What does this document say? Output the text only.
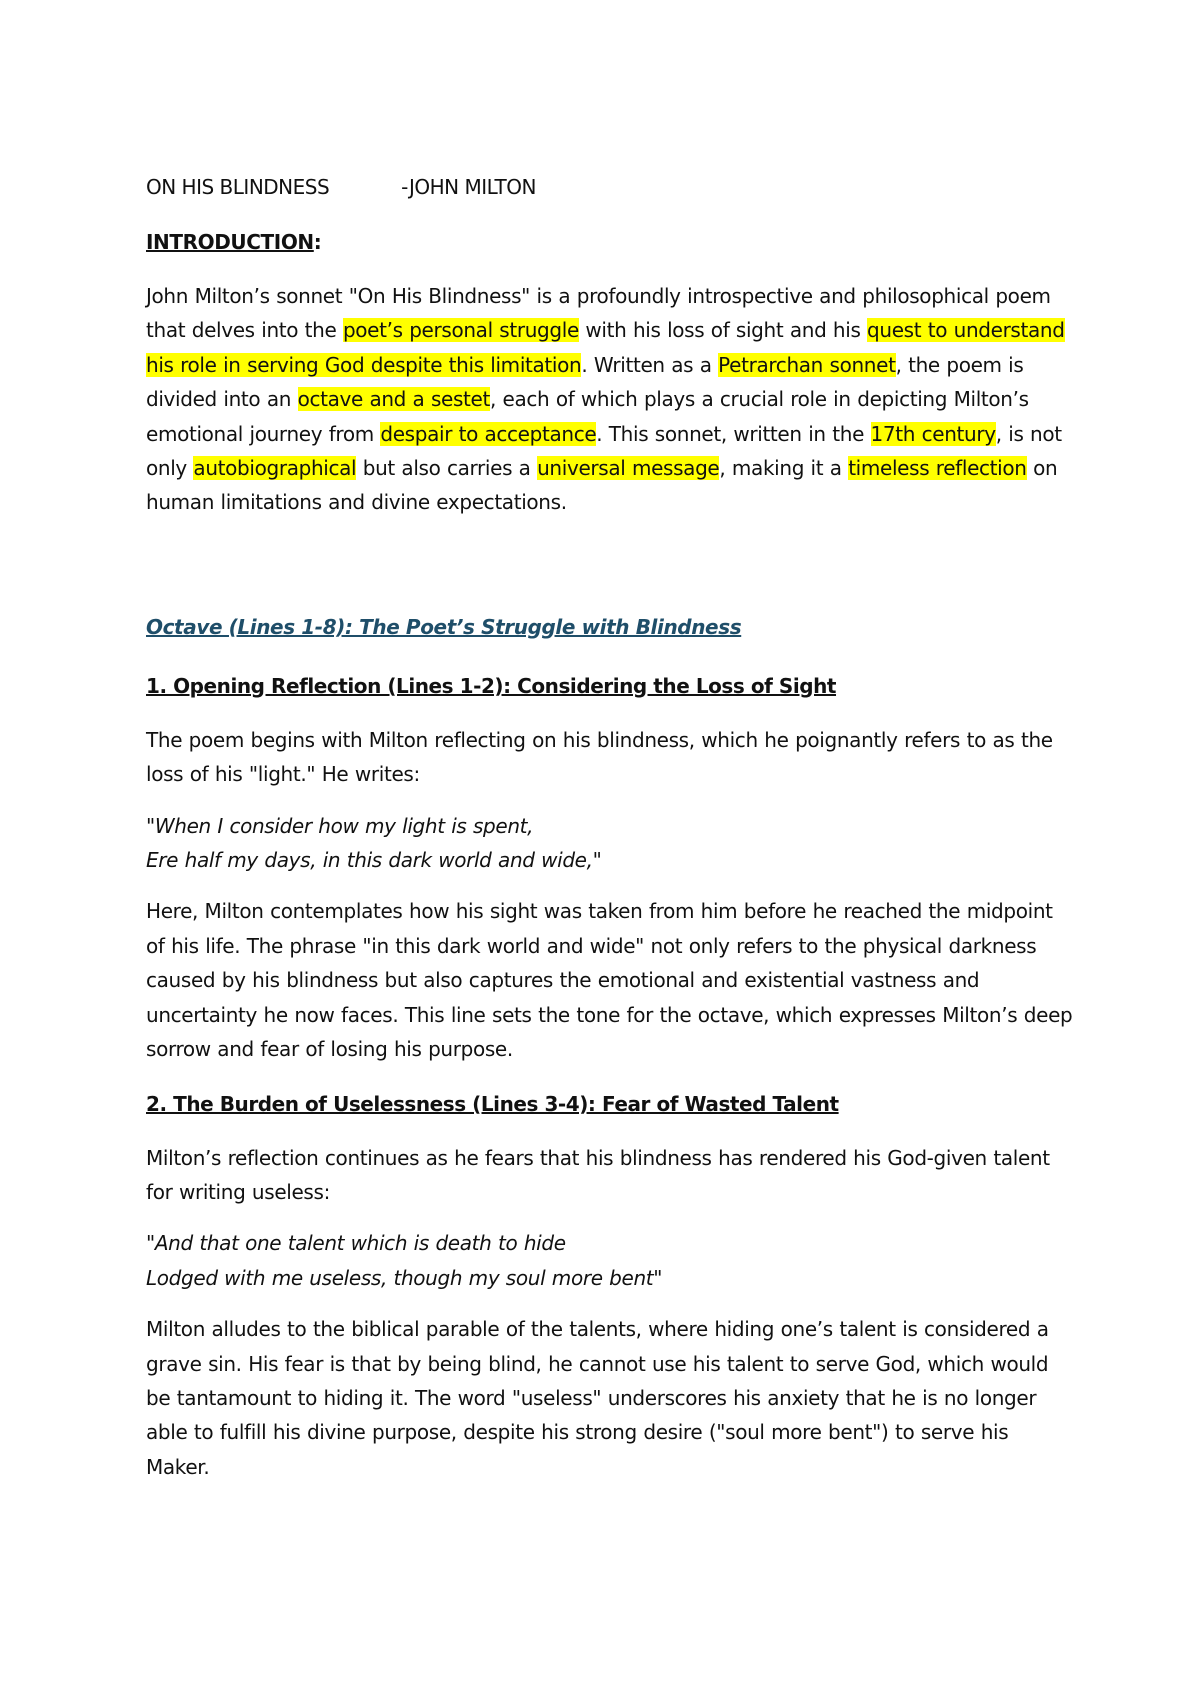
ON HIS BLINDNESS	-JOHN MILTON

INTRODUCTION:

John Milton’s sonnet "On His Blindness" is a profoundly introspective and philosophical poem that delves into the poet’s personal struggle with his loss of sight and his quest to understand his role in serving God despite this limitation. Written as a Petrarchan sonnet, the poem is divided into an octave and a sestet, each of which plays a crucial role in depicting Milton’s emotional journey from despair to acceptance. This sonnet, written in the 17th century, is not only autobiographical but also carries a universal message, making it a timeless reflection on human limitations and divine expectations.

Octave (Lines 1-8): The Poet’s Struggle with Blindness

1. Opening Reflection (Lines 1-2): Considering the Loss of Sight

The poem begins with Milton reflecting on his blindness, which he poignantly refers to as the loss of his "light." He writes:

"When I consider how my light is spent,
Ere half my days, in this dark world and wide,"

Here, Milton contemplates how his sight was taken from him before he reached the midpoint of his life. The phrase "in this dark world and wide" not only refers to the physical darkness caused by his blindness but also captures the emotional and existential vastness and uncertainty he now faces. This line sets the tone for the octave, which expresses Milton’s deep sorrow and fear of losing his purpose.

2. The Burden of Uselessness (Lines 3-4): Fear of Wasted Talent

Milton’s reflection continues as he fears that his blindness has rendered his God-given talent for writing useless:

"And that one talent which is death to hide
Lodged with me useless, though my soul more bent"

Milton alludes to the biblical parable of the talents, where hiding one’s talent is considered a grave sin. His fear is that by being blind, he cannot use his talent to serve God, which would be tantamount to hiding it. The word "useless" underscores his anxiety that he is no longer able to fulfill his divine purpose, despite his strong desire ("soul more bent") to serve his Maker.
